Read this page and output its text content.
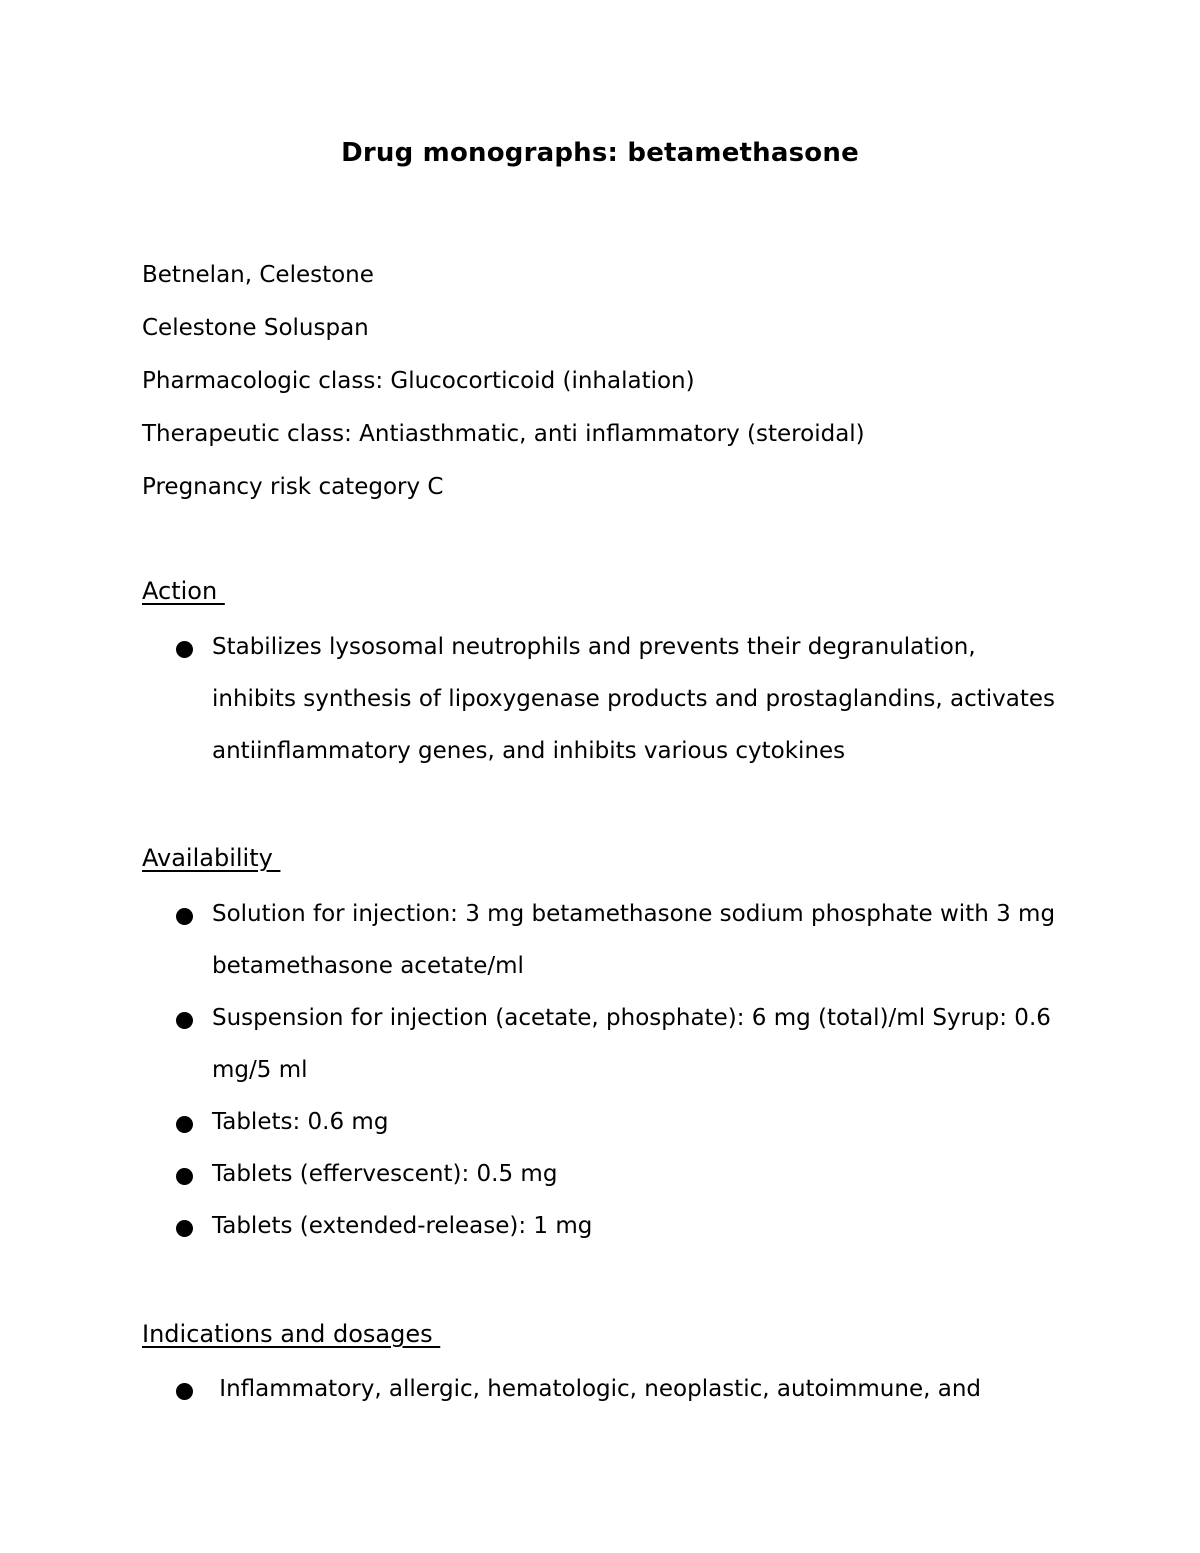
Drug monographs: betamethasone
Betnelan, Celestone
Celestone Soluspan
Pharmacologic class: Glucocorticoid (inhalation)
Therapeutic class: Antiasthmatic, anti inflammatory (steroidal)
Pregnancy risk category C
Action
Stabilizes lysosomal neutrophils and prevents their degranulation, inhibits synthesis of lipoxygenase products and prostaglandins, activates antiinflammatory genes, and inhibits various cytokines
Availability
Solution for injection: 3 mg betamethasone sodium phosphate with 3 mg betamethasone acetate/ml
Suspension for injection (acetate, phosphate): 6 mg (total)/ml Syrup: 0.6 mg/5 ml
Tablets: 0.6 mg
Tablets (effervescent): 0.5 mg
Tablets (extended-release): 1 mg
Indications and dosages
Inflammatory, allergic, hematologic, neoplastic, autoimmune, and
